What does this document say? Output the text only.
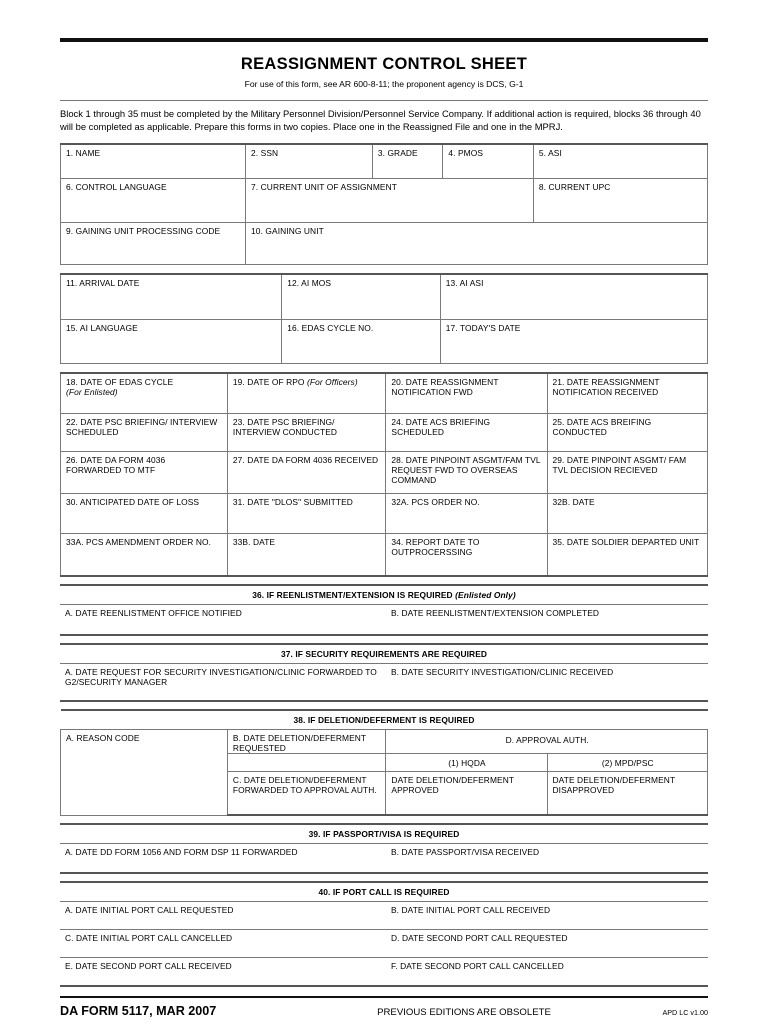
REASSIGNMENT CONTROL SHEET
For use of this form, see AR 600-8-11; the proponent agency is DCS, G-1
Block 1 through 35 must be completed by the Military Personnel Division/Personnel Service Company. If additional action is required, blocks 36 through 40 will be completed as applicable. Prepare this forms in two copies. Place one in the Reassigned File and one in the MPRJ.
1. NAME	2. SSN	3. GRADE	4. PMOS	5. ASI
6. CONTROL LANGUAGE	7. CURRENT UNIT OF ASSIGNMENT			8. CURRENT UPC
9. GAINING UNIT PROCESSING CODE	10. GAINING UNIT			
11. ARRIVAL DATE	12. AI MOS	13. AI ASI
15. AI LANGUAGE	16. EDAS CYCLE NO.	17. TODAY'S DATE
18. DATE OF EDAS CYCLE
(For Enlisted)	19. DATE OF RPO (For Officers)	20. DATE REASSIGNMENT NOTIFICATION FWD	21. DATE REASSIGNMENT NOTIFICATION RECEIVED
22. DATE PSC BRIEFING/ INTERVIEW SCHEDULED	23. DATE PSC BRIEFING/ INTERVIEW CONDUCTED	24. DATE ACS BRIEFING SCHEDULED	25. DATE ACS BREIFING CONDUCTED
26. DATE DA FORM 4036 FORWARDED TO MTF	27. DATE DA FORM 4036 RECEIVED	28. DATE PINPOINT ASGMT/FAM TVL REQUEST FWD TO OVERSEAS COMMAND	29. DATE PINPOINT ASGMT/ FAM TVL DECISION RECIEVED
30. ANTICIPATED DATE OF LOSS	31. DATE "DLOS" SUBMITTED	32A. PCS ORDER NO.	32B. DATE
33A. PCS AMENDMENT ORDER NO.	33B. DATE	34. REPORT DATE TO OUTPROCERSSING	35. DATE SOLDIER DEPARTED UNIT
36. IF REENLISTMENT/EXTENSION IS REQUIRED (Enlisted Only)
A. DATE REENLISTMENT OFFICE NOTIFIED	B. DATE REENLISTMENT/EXTENSION COMPLETED
37. IF SECURITY REQUIREMENTS ARE REQUIRED
A. DATE REQUEST FOR SECURITY INVESTIGATION/CLINIC FORWARDED TO G2/SECURITY MANAGER	B. DATE SECURITY INVESTIGATION/CLINIC RECEIVED
38. IF DELETION/DEFERMENT IS REQUIRED			
A. REASON CODE	B. DATE DELETION/DEFERMENT REQUESTED	D. APPROVAL AUTH.	
		(1) HQDA	(2) MPD/PSC
	C. DATE DELETION/DEFERMENT FORWARDED TO APPROVAL AUTH.	DATE DELETION/DEFERMENT APPROVED	DATE DELETION/DEFERMENT DISAPPROVED
39. IF PASSPORT/VISA IS REQUIRED
A. DATE DD FORM 1056 AND FORM DSP 11 FORWARDED	B. DATE PASSPORT/VISA RECEIVED
40. IF PORT CALL IS REQUIRED	
A. DATE INITIAL PORT CALL REQUESTED	B. DATE INITIAL PORT CALL RECEIVED
C. DATE INITIAL PORT CALL CANCELLED	D. DATE SECOND PORT CALL REQUESTED
E. DATE SECOND PORT CALL RECEIVED	F. DATE SECOND PORT CALL CANCELLED
DA FORM 5117, MAR 2007	PREVIOUS EDITIONS ARE OBSOLETE	APD LC v1.00
